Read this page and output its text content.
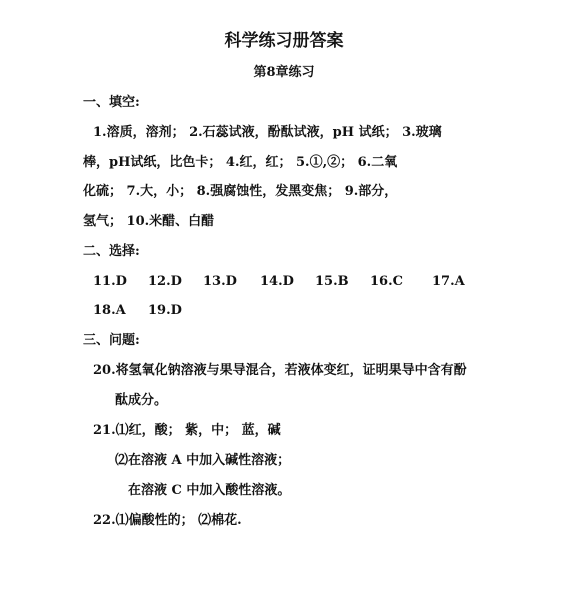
科学练习册答案
第8章练习
一、填空:
1.溶质，溶剂； 2.石蕊试液，酚酞试液，pH 试纸； 3.玻璃
棒，pH试纸，比色卡； 4.红，红； 5.①,②； 6.二氧
化硫； 7.大，小； 8.强腐蚀性，发黑变焦； 9.部分，
氢气； 10.米醋、白醋
二、选择:
11.D 12.D 13.D 14.D 15.B 16.C 17.A
18.A 19.D
三、问题:
20.将氢氧化钠溶液与果导混合，若液体变红，证明果导中含有酚
酞成分。
21.⑴红，酸； 紫，中； 蓝，碱
⑵在溶液 A 中加入碱性溶液；
在溶液 C 中加入酸性溶液。
22.⑴偏酸性的； ⑵棉花.
